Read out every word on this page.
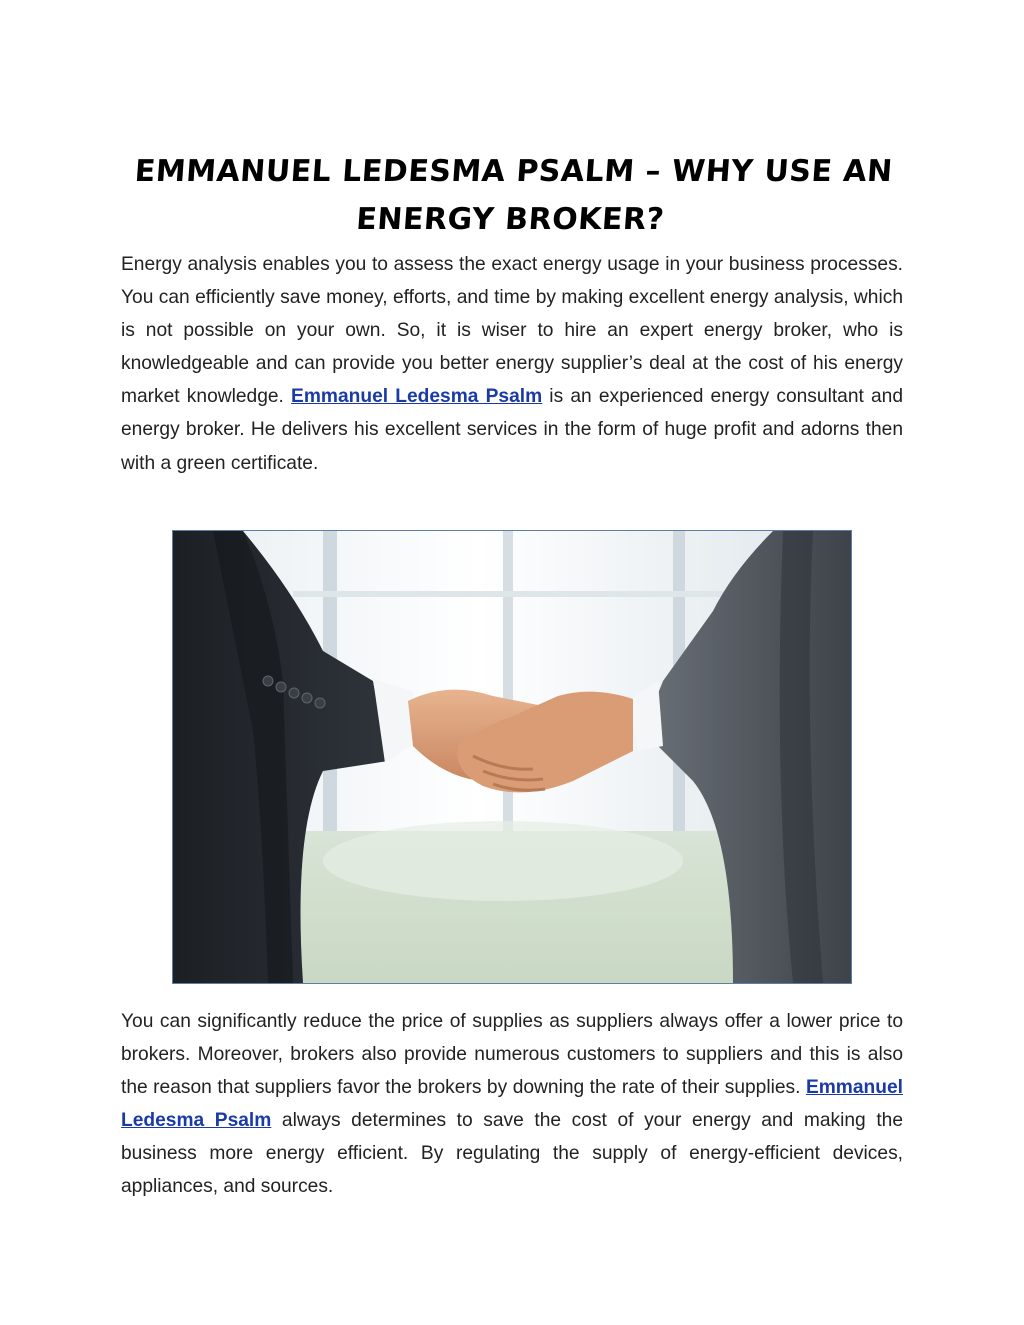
EMMANUEL LEDESMA PSALM – WHY USE AN ENERGY BROKER?

Energy analysis enables you to assess the exact energy usage in your business processes. You can efficiently save money, efforts, and time by making excellent energy analysis, which is not possible on your own. So, it is wiser to hire an expert energy broker, who is knowledgeable and can provide you better energy supplier’s deal at the cost of his energy market knowledge. Emmanuel Ledesma Psalm is an experienced energy consultant and energy broker. He delivers his excellent services in the form of huge profit and adorns then with a green certificate.

You can significantly reduce the price of supplies as suppliers always offer a lower price to brokers. Moreover, brokers also provide numerous customers to suppliers and this is also the reason that suppliers favor the brokers by downing the rate of their supplies. Emmanuel Ledesma Psalm always determines to save the cost of your energy and making the business more energy efficient. By regulating the supply of energy-efficient devices, appliances, and sources.
